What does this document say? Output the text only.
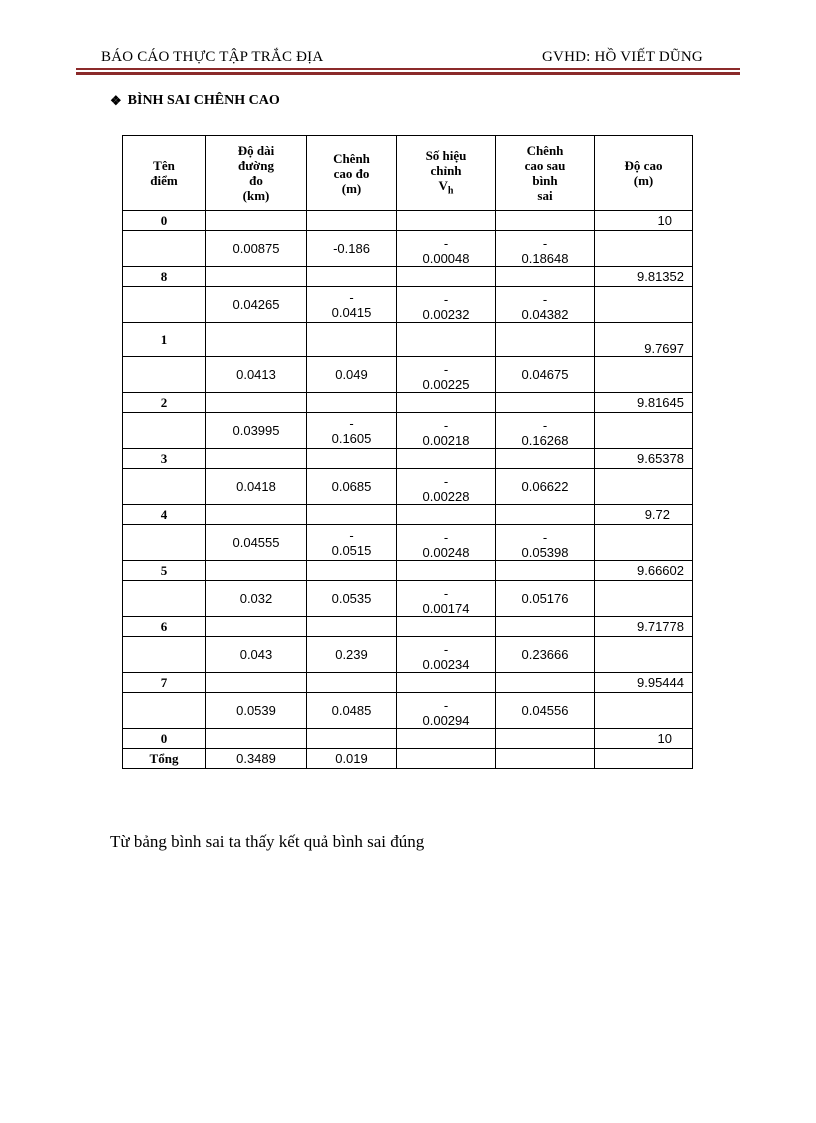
BÁO CÁO THỰC TẬP TRẮC ĐỊA	GVHD: HỒ VIẾT DŨNG
❖ BÌNH SAI CHÊNH CAO
Tên
điểm	Độ dài
đường
đo
(km)	Chênh
cao đo
(m)	Số hiệu
chỉnh
$V_h$	Chênh
cao sau
bình
sai	Độ cao
(m)

0					10
	0.00875	-0.186	-
0.00048	-
0.18648	

8					9.81352
	0.04265	-
0.0415	-
0.00232	-
0.04382	

1					9.7697
	0.0413	0.049	-
0.00225	0.04675	

2					9.81645
	0.03995	-
0.1605	-
0.00218	-
0.16268	

3					9.65378
	0.0418	0.0685	-
0.00228	0.06622	

4					9.72
	0.04555	-
0.0515	-
0.00248	-
0.05398	

5					9.66602
	0.032	0.0535	-
0.00174	0.05176	

6					9.71778
	0.043	0.239	-
0.00234	0.23666	

7					9.95444
	0.0539	0.0485	-
0.00294	0.04556	

0					10
Tổng	0.3489	0.019			
Từ bảng bình sai ta thấy kết quả bình sai đúng
